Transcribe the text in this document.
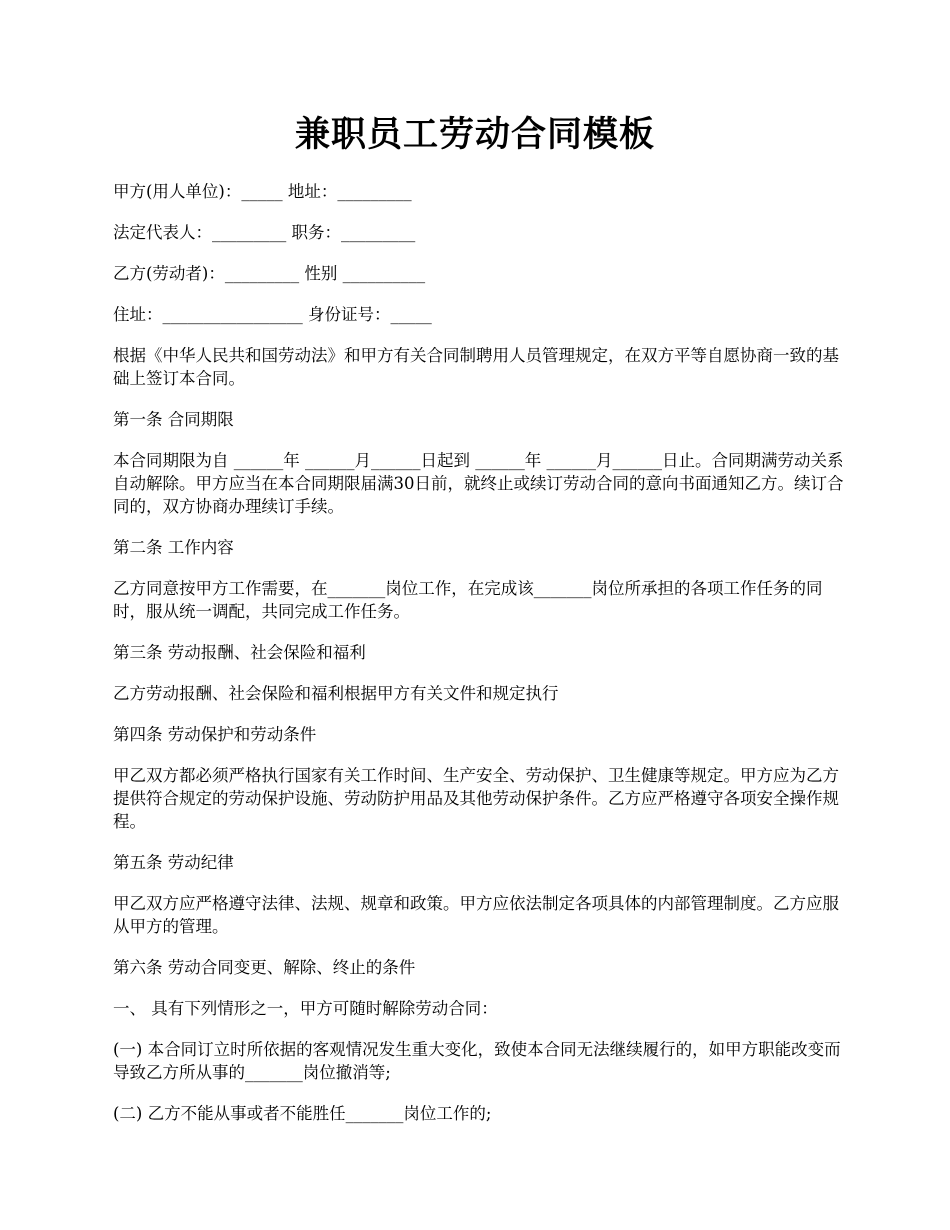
兼职员工劳动合同模板

甲方(用人单位)：_____ 地址：_________

法定代表人：_________ 职务：_________

乙方(劳动者)：_________ 性别 __________

住址：_________________ 身份证号：_____

根据《中华人民共和国劳动法》和甲方有关合同制聘用人员管理规定，在双方平等自愿协商一致的基础上签订本合同。

第一条 合同期限

本合同期限为自 ______年 ______月______日起到 ______年 ______月______日止。合同期满劳动关系自动解除。甲方应当在本合同期限届满30日前，就终止或续订劳动合同的意向书面通知乙方。续订合同的，双方协商办理续订手续。

第二条 工作内容

乙方同意按甲方工作需要，在_______岗位工作，在完成该_______岗位所承担的各项工作任务的同时，服从统一调配，共同完成工作任务。

第三条 劳动报酬、社会保险和福利

乙方劳动报酬、社会保险和福利根据甲方有关文件和规定执行

第四条 劳动保护和劳动条件

甲乙双方都必须严格执行国家有关工作时间、生产安全、劳动保护、卫生健康等规定。甲方应为乙方提供符合规定的劳动保护设施、劳动防护用品及其他劳动保护条件。乙方应严格遵守各项安全操作规程。

第五条 劳动纪律

甲乙双方应严格遵守法律、法规、规章和政策。甲方应依法制定各项具体的内部管理制度。乙方应服从甲方的管理。

第六条 劳动合同变更、解除、终止的条件

一、 具有下列情形之一，甲方可随时解除劳动合同：

(一) 本合同订立时所依据的客观情况发生重大变化，致使本合同无法继续履行的，如甲方职能改变而导致乙方所从事的_______岗位撤消等;

(二) 乙方不能从事或者不能胜任_______岗位工作的;
